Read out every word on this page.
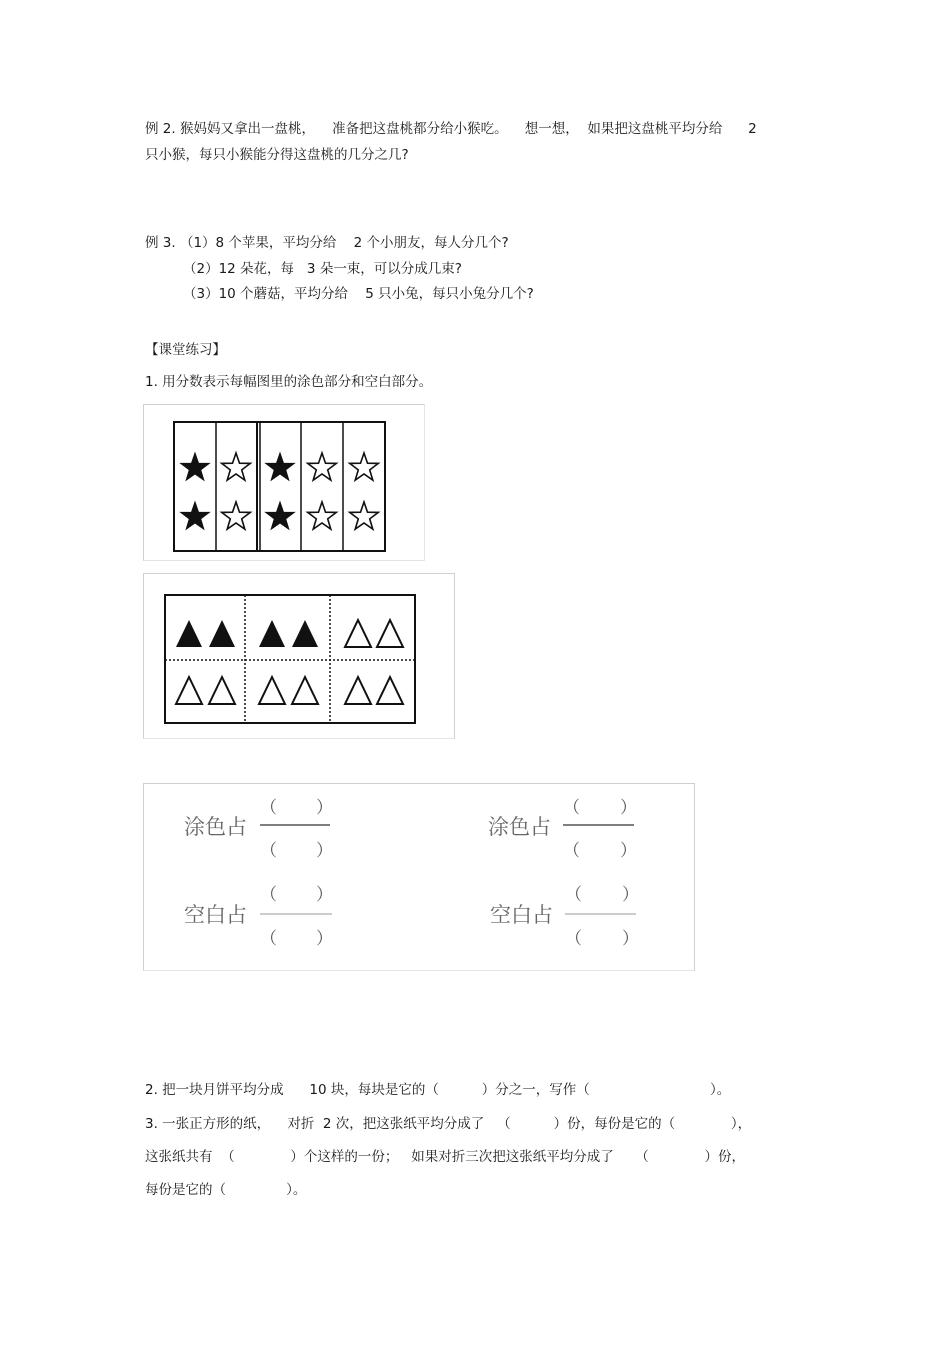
例 2. 猴妈妈又拿出一盘桃，    准备把这盘桃都分给小猴吃。    想一想，  如果把这盘桃平均分给      2
只小猴，每只小猴能分得这盘桃的几分之几?
例 3. （1）8 个苹果，平均分给    2 个小朋友，每人分几个?
（2）12 朵花，每   3 朵一束，可以分成几束?
（3）10 个蘑菇，平均分给    5 只小兔，每只小兔分几个?
【课堂练习】
1. 用分数表示每幅图里的涂色部分和空白部分。
涂色占
（ ）
（ ）
空白占
（ ）
（ ）
涂色占
（ ）
（ ）
空白占
（ ）
（ ）
2. 把一块月饼平均分成      10 块，每块是它的（          ）分之一，写作（                            ）。
3. 一张正方形的纸，    对折  2 次，把这张纸平均分成了   （          ）份，每份是它的（             ），
这张纸共有  （             ）个这样的一份；   如果对折三次把这张纸平均分成了     （             ）份，
每份是它的（              ）。
